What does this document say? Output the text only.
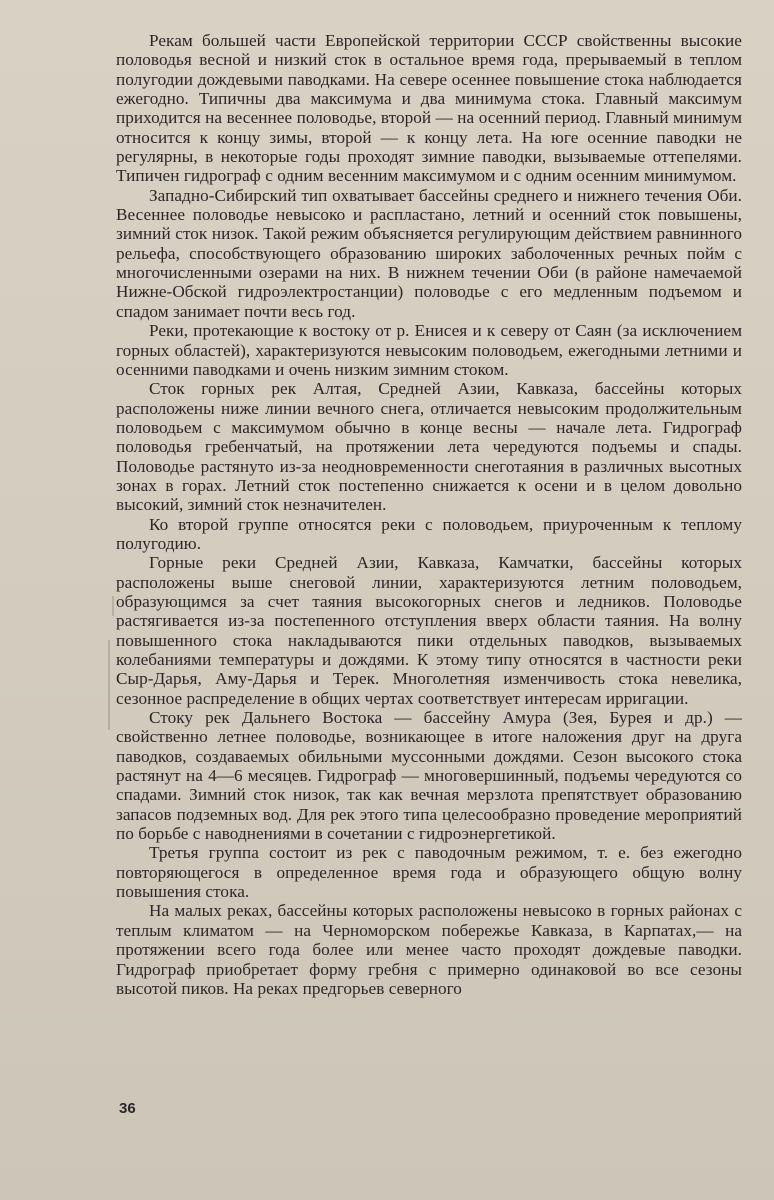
Рекам большей части Европейской территории СССР свойственны высокие половодья весной и низкий сток в остальное время года, прерываемый в теплом полугодии дождевыми паводками. На севере осеннее повышение стока наблюдается ежегодно. Типичны два максимума и два минимума стока. Главный максимум приходится на весеннее половодье, второй — на осенний период. Главный минимум относится к концу зимы, второй — к концу лета. На юге осенние паводки не регулярны, в некоторые годы проходят зимние паводки, вызываемые оттепелями. Типичен гидрограф с одним весенним максимумом и с одним осенним минимумом.

Западно-Сибирский тип охватывает бассейны среднего и нижнего течения Оби. Весеннее половодье невысоко и распластано, летний и осенний сток повышены, зимний сток низок. Такой режим объясняется регулирующим действием равнинного рельефа, способствующего образованию широких заболоченных речных пойм с многочисленными озерами на них. В нижнем течении Оби (в районе намечаемой Нижне-Обской гидроэлектростанции) половодье с его медленным подъемом и спадом занимает почти весь год.

Реки, протекающие к востоку от р. Енисея и к северу от Саян (за исключением горных областей), характеризуются невысоким половодьем, ежегодными летними и осенними паводками и очень низким зимним стоком.

Сток горных рек Алтая, Средней Азии, Кавказа, бассейны которых расположены ниже линии вечного снега, отличается невысоким продолжительным половодьем с максимумом обычно в конце весны — начале лета. Гидрограф половодья гребенчатый, на протяжении лета чередуются подъемы и спады. Половодье растянуто из-за неодновременности снеготаяния в различных высотных зонах в горах. Летний сток постепенно снижается к осени и в целом довольно высокий, зимний сток незначителен.

Ко второй группе относятся реки с половодьем, приуроченным к теплому полугодию.

Горные реки Средней Азии, Кавказа, Камчатки, бассейны которых расположены выше снеговой линии, характеризуются летним половодьем, образующимся за счет таяния высокогорных снегов и ледников. Половодье растягивается из-за постепенного отступления вверх области таяния. На волну повышенного стока накладываются пики отдельных паводков, вызываемых колебаниями температуры и дождями. К этому типу относятся в частности реки Сыр-Дарья, Аму-Дарья и Терек. Многолетняя изменчивость стока невелика, сезонное распределение в общих чертах соответствует интересам ирригации.

Стоку рек Дальнего Востока — бассейну Амура (Зея, Бурея и др.) — свойственно летнее половодье, возникающее в итоге наложения друг на друга паводков, создаваемых обильными муссонными дождями. Сезон высокого стока растянут на 4—6 месяцев. Гидрограф — многовершинный, подъемы чередуются со спадами. Зимний сток низок, так как вечная мерзлота препятствует образованию запасов подземных вод. Для рек этого типа целесообразно проведение мероприятий по борьбе с наводнениями в сочетании с гидроэнергетикой.

Третья группа состоит из рек с паводочным режимом, т. е. без ежегодно повторяющегося в определенное время года и образующего общую волну повышения стока.

На малых реках, бассейны которых расположены невысоко в горных районах с теплым климатом — на Черноморском побережье Кавказа, в Карпатах,— на протяжении всего года более или менее часто проходят дождевые паводки. Гидрограф приобретает форму гребня с примерно одинаковой во все сезоны высотой пиков. На реках предгорьев северного

36
